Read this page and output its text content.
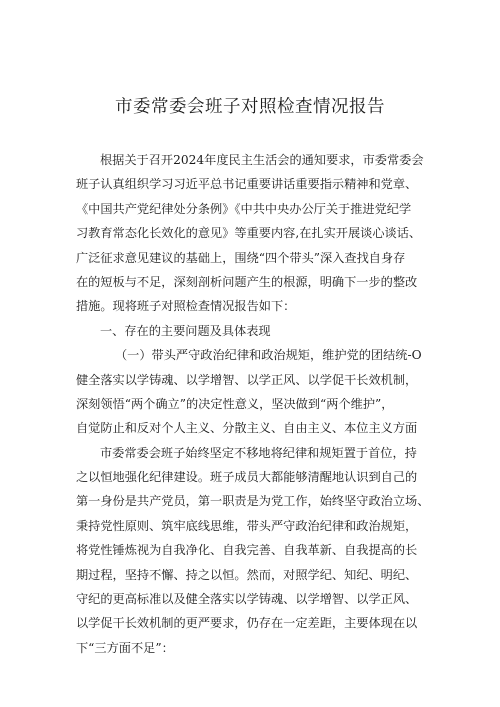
市委常委会班子对照检查情况报告
根据关于召开2024年度民主生活会的通知要求，市委常委会
班子认真组织学习习近平总书记重要讲话重要指示精神和党章、
《中国共产党纪律处分条例》《中共中央办公厅关于推进党纪学
习教育常态化长效化的意见》等重要内容,在扎实开展谈心谈话、
广泛征求意见建议的基础上，围绕“四个带头”深入查找自身存
在的短板与不足，深刻剖析问题产生的根源，明确下一步的整改
措施。现将班子对照检查情况报告如下：
一、存在的主要问题及具体表现
（一）带头严守政治纪律和政治规矩，维护党的团结统-O
健全落实以学铸魂、以学增智、以学正风、以学促干长效机制，
深刻领悟“两个确立”的决定性意义，坚决做到“两个维护”，
自觉防止和反对个人主义、分散主义、自由主义、本位主义方面
市委常委会班子始终坚定不移地将纪律和规矩置于首位，持
之以恒地强化纪律建设。班子成员大都能够清醒地认识到自己的
第一身份是共产党员，第一职责是为党工作，始终坚守政治立场、
秉持党性原则、筑牢底线思维，带头严守政治纪律和政治规矩，
将党性锤炼视为自我净化、自我完善、自我革新、自我提高的长
期过程，坚持不懈、持之以恒。然而，对照学纪、知纪、明纪、
守纪的更高标准以及健全落实以学铸魂、以学增智、以学正风、
以学促干长效机制的更严要求，仍存在一定差距，主要体现在以
下“三方面不足”：
